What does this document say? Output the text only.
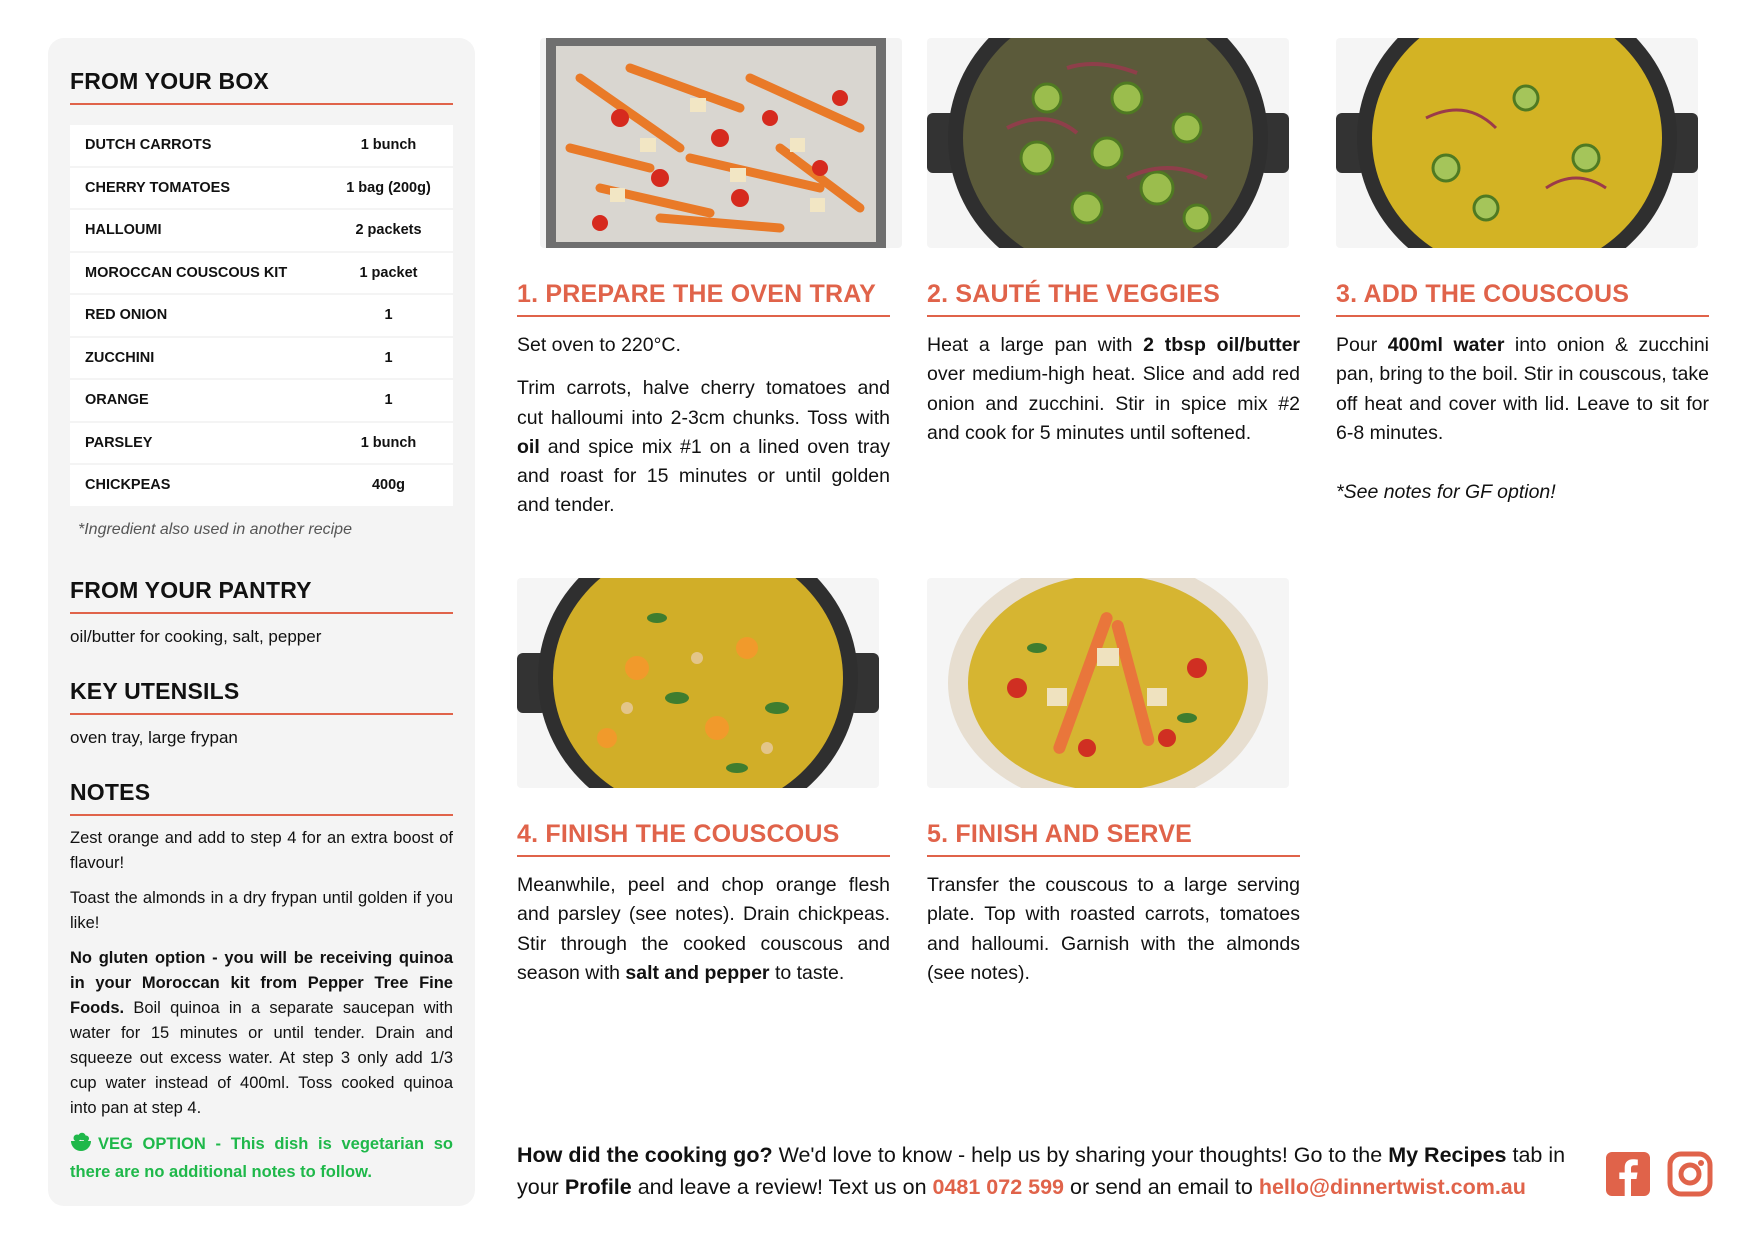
FROM YOUR BOX
DUTCH CARROTS	1 bunch
CHERRY TOMATOES	1 bag (200g)
HALLOUMI	2 packets
MOROCCAN COUSCOUS KIT	1 packet
RED ONION	1
ZUCCHINI	1
ORANGE	1
PARSLEY	1 bunch
CHICKPEAS	400g
*Ingredient also used in another recipe
FROM YOUR PANTRY
oil/butter for cooking, salt, pepper
KEY UTENSILS
oven tray, large frypan
NOTES

Zest orange and add to step 4 for an extra boost of flavour!

Toast the almonds in a dry frypan until golden if you like!

No gluten option - you will be receiving quinoa in your Moroccan kit from Pepper Tree Fine Foods. Boil quinoa in a separate saucepan with water for 15 minutes or until tender. Drain and squeeze out excess water. At step 3 only add 1/3 cup water instead of 400ml. Toss cooked quinoa into pan at step 4.

VEG OPTION - This dish is vegetarian so there are no additional notes to follow.
1. PREPARE THE OVEN TRAY

Set oven to 220°C.

Trim carrots, halve cherry tomatoes and cut halloumi into 2-3cm chunks. Toss with oil and spice mix #1 on a lined oven tray and roast for 15 minutes or until golden and tender.

2. SAUTÉ THE VEGGIES

Heat a large pan with 2 tbsp oil/butter over medium-high heat. Slice and add red onion and zucchini. Stir in spice mix #2 and cook for 5 minutes until softened.

3. ADD THE COUSCOUS

Pour 400ml water into onion & zucchini pan, bring to the boil. Stir in couscous, take off heat and cover with lid. Leave to sit for 6-8 minutes.

*See notes for GF option!

4. FINISH THE COUSCOUS

Meanwhile, peel and chop orange flesh and parsley (see notes). Drain chickpeas. Stir through the cooked couscous and season with salt and pepper to taste.

5. FINISH AND SERVE

Transfer the couscous to a large serving plate. Top with roasted carrots, tomatoes and halloumi. Garnish with the almonds (see notes).

How did the cooking go? We'd love to know - help us by sharing your thoughts! Go to the My Recipes tab in your Profile and leave a review! Text us on 0481 072 599 or send an email to hello@dinnertwist.com.au
